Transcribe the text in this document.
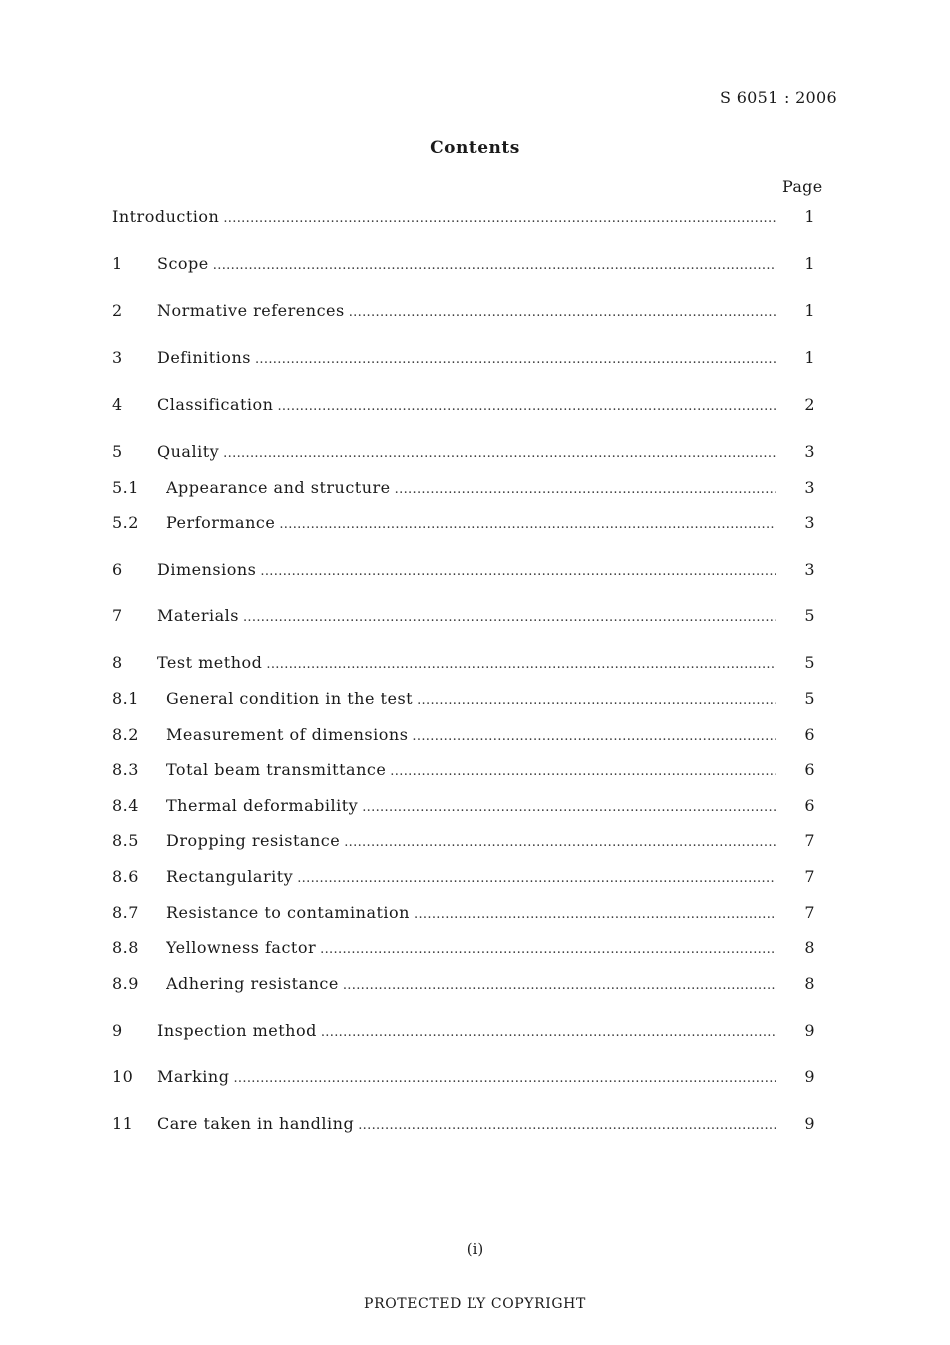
S 6051 : 2006
Contents
Page
Introduction . . .	1
1 Scope . . .	1
2 Normative references . . .	1
3 Definitions . . .	1
4 Classification . . .	2
5 Quality . . .	3
5.1 Appearance and structure . . .	3
5.2 Performance . . .	3
6 Dimensions . . .	3
7 Materials . . .	5
8 Test method . . .	5
8.1 General condition in the test . . .	5
8.2 Measurement of dimensions . . .	6
8.3 Total beam transmittance . . .	6
8.4 Thermal deformability . . .	6
8.5 Dropping resistance . . .	7
8.6 Rectangularity . . .	7
8.7 Resistance to contamination . . .	7
8.8 Yellowness factor . . .	8
8.9 Adhering resistance . . .	8
9 Inspection method . . .	9
10 Marking . . .	9
11 Care taken in handling . . .	9
(i)
PROTECTED ĽY COPYRIGHT
